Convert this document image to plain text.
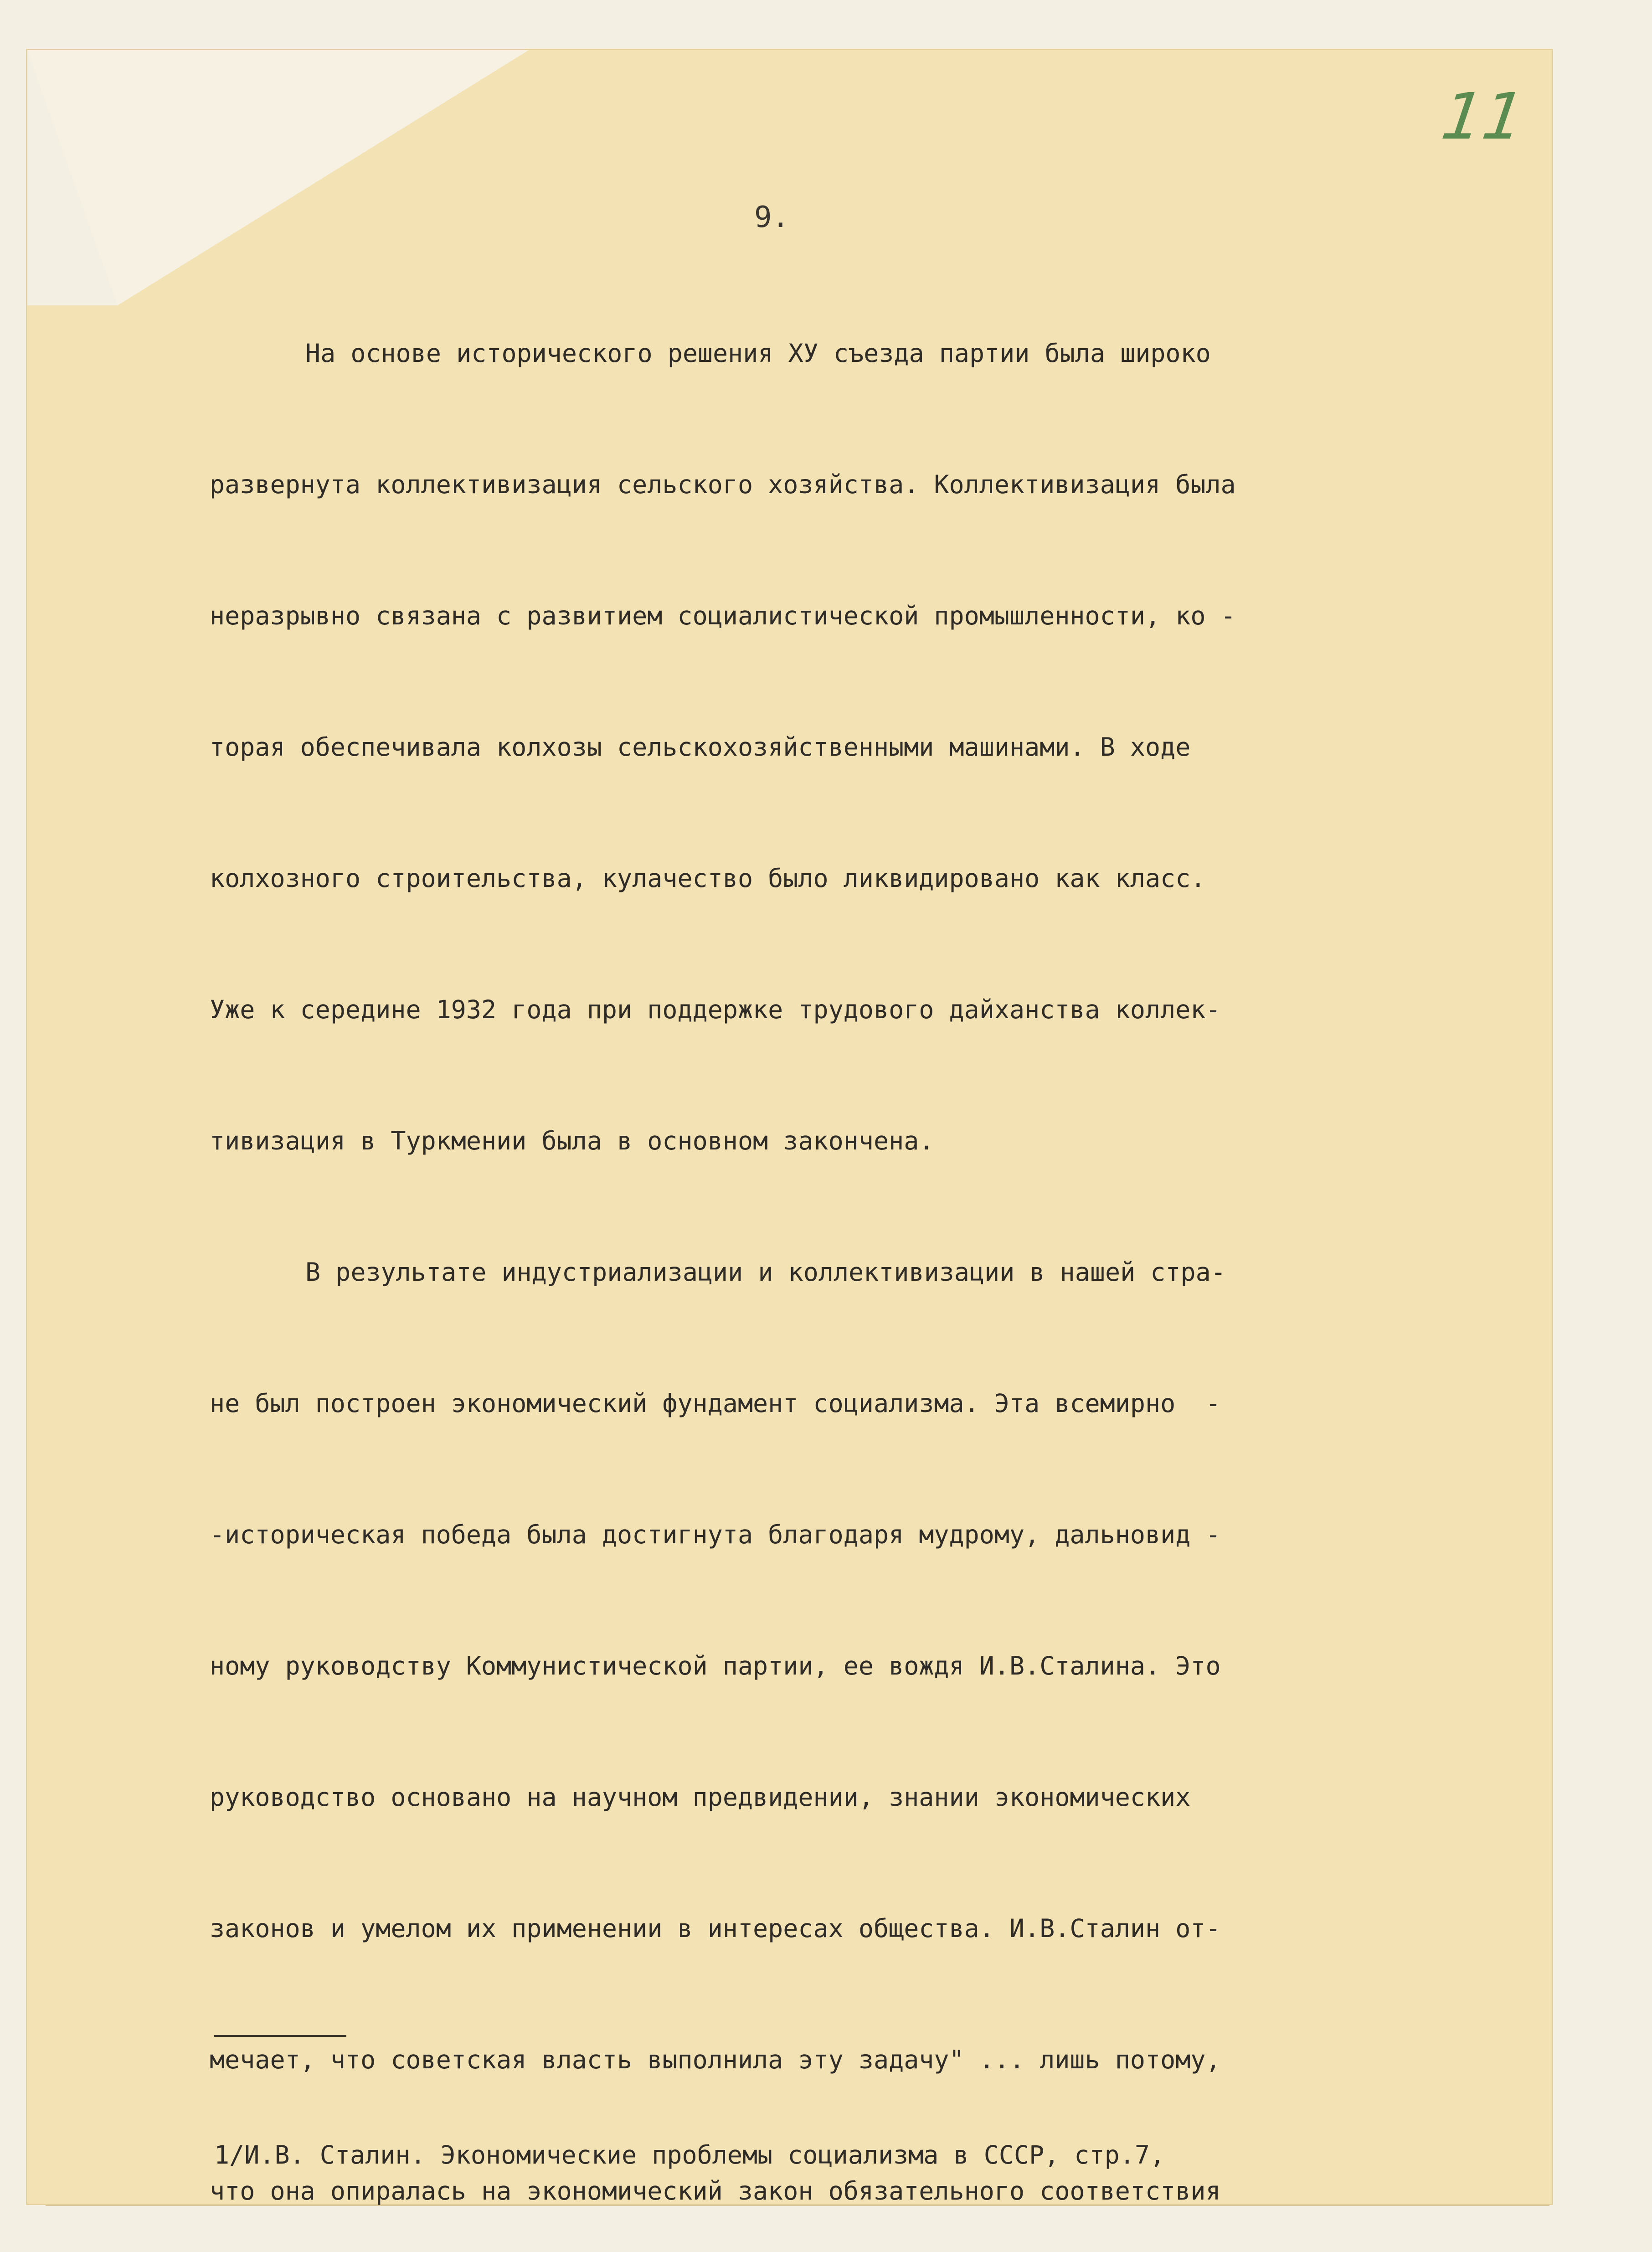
11
9.

На основе исторического решения XУ съезда партии была широко

развернута коллективизация сельского хозяйства. Коллективизация была

неразрывно связана с развитием социалистической промышленности, ко -

торая обеспечивала колхозы сельскохозяйственными машинами. В ходе

колхозного строительства, кулачество было ликвидировано как класс.

Уже к середине 1932 года при поддержке трудового дайханства коллек-

тивизация в Туркмении была в основном закончена.

В результате индустриализации и коллективизации в нашей стра-

не был построен экономический фундамент социализма. Эта всемирно  -

-историческая победа была достигнута благодаря мудрому, дальновид -

ному руководству Коммунистической партии, ее вождя И.В.Сталина. Это

руководство основано на научном предвидении, знании экономических

законов и умелом их применении в интересах общества. И.В.Сталин от-

мечает, что советская власть выполнила эту задачу" ... лишь потому,

что она опиралась на экономический закон обязательного соответствия

1/И.В. Сталин. Экономические проблемы социализма в СССР, стр.7,
